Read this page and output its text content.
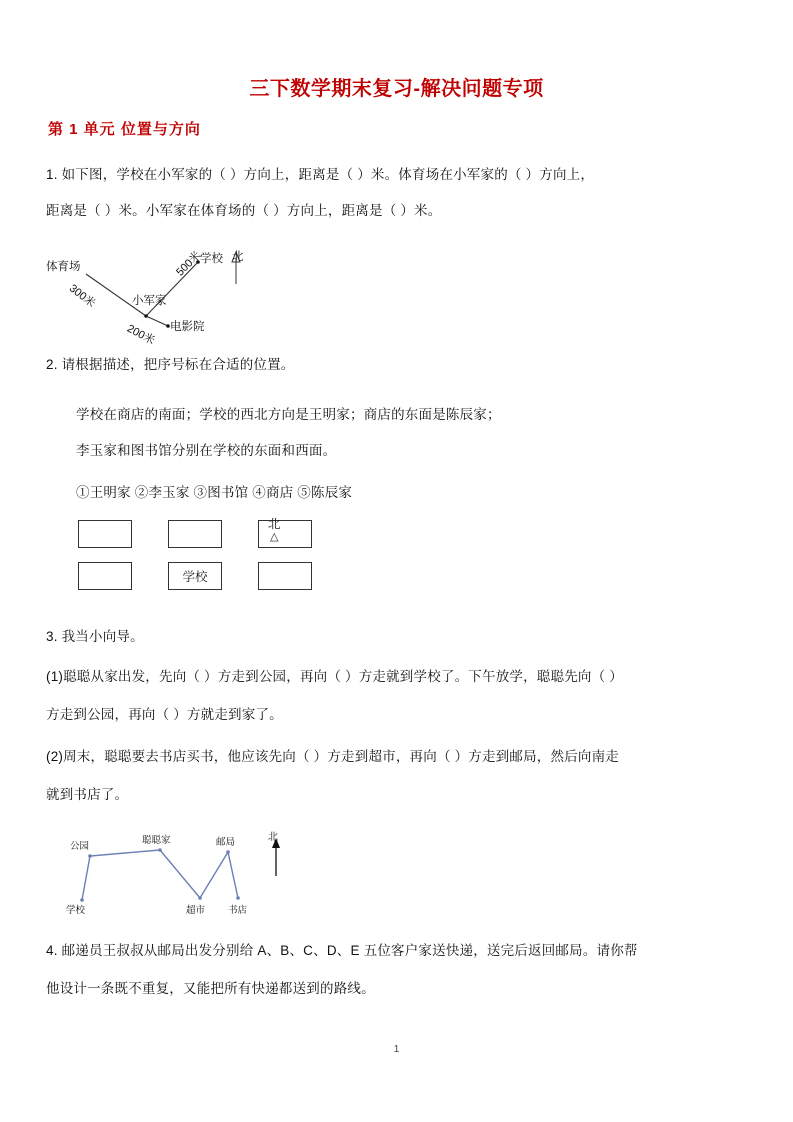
三下数学期末复习-解决问题专项
第 1 单元 位置与方向
1. 如下图，学校在小军家的（ ）方向上，距离是（ ）米。体育场在小军家的（ ）方向上，
距离是（ ）米。小军家在体育场的（ ）方向上，距离是（ ）米。
体育场
学校
小军家
电影院
北
500米
300米
200米
2. 请根据描述，把序号标在合适的位置。
学校在商店的南面；学校的西北方向是王明家；商店的东面是陈辰家；
李玉家和图书馆分别在学校的东面和西面。
①王明家 ②李玉家 ③图书馆 ④商店 ⑤陈辰家
学校
北
△
3. 我当小向导。
(1)聪聪从家出发，先向（ ）方走到公园，再向（ ）方走就到学校了。下午放学，聪聪先向（ ）
方走到公园，再向（ ）方就走到家了。
(2)周末，聪聪要去书店买书，他应该先向（ ）方走到超市，再向（ ）方走到邮局，然后向南走
就到书店了。
公园
聪聪家	邮局
学校	超市 书店
北
4. 邮递员王叔叔从邮局出发分别给 A、B、C、D、E 五位客户家送快递，送完后返回邮局。请你帮
他设计一条既不重复，又能把所有快递都送到的路线。
1
